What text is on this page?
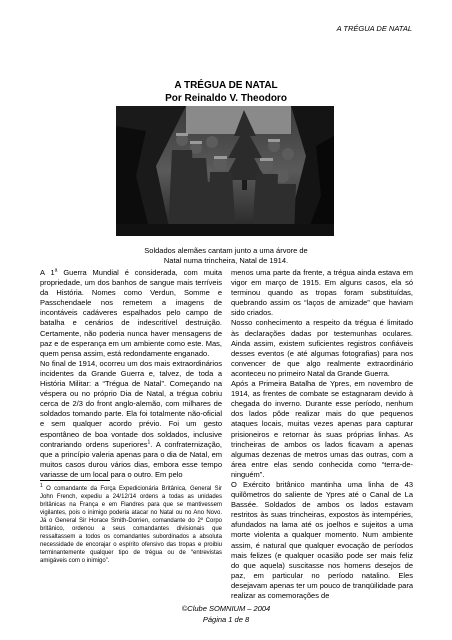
A TRÉGUA DE NATAL
A TRÉGUA DE NATAL
Por Reinaldo V. Theodoro
Soldados alemães cantam junto a uma árvore de
Natal numa trincheira, Natal de 1914.

A 1$^a$ Guerra Mundial é considerada, com muita propriedade, um dos banhos de sangue mais terríveis da História. Nomes como Verdun, Somme e Passchendaele nos remetem a imagens de incontáveis cadáveres espalhados pelo campo de batalha e cenários de indescritível destruição. Certamente, não poderia nunca haver mensagens de paz e de esperança em um ambiente como este. Mas, quem pensa assim, está redondamente enganado.

No final de 1914, ocorreu um dos mais extraordinários incidentes da Grande Guerra e, talvez, de toda a História Militar: a “Trégua de Natal”. Começando na véspera ou no próprio Dia de Natal, a trégua cobriu cerca de 2/3 do front anglo-alemão, com milhares de soldados tomando parte. Ela foi totalmente não-oficial e sem qualquer acordo prévio. Foi um gesto espontâneo de boa vontade dos soldados, inclusive contrariando ordens superiores$^1$. A confraternização, que a princípio valeria apenas para o dia de Natal, em muitos casos durou vários dias, embora esse tempo variasse de um local para o outro. Em pelo

menos uma parte da frente, a trégua ainda estava em vigor em março de 1915. Em alguns casos, ela só terminou quando as tropas foram substituídas, quebrando assim os “laços de amizade” que haviam sido criados.

Nosso conhecimento a respeito da trégua é limitado às declarações dadas por testemunhas oculares. Ainda assim, existem suficientes registros confiáveis desses eventos (e até algumas fotografias) para nos convencer de que algo realmente extraordinário aconteceu no primeiro Natal da Grande Guerra.

Após a Primeira Batalha de Ypres, em novembro de 1914, as frentes de combate se estagnaram devido à chegada do inverno. Durante esse período, nenhum dos lados pôde realizar mais do que pequenos ataques locais, muitas vezes apenas para capturar prisioneiros e retornar às suas próprias linhas. As trincheiras de ambos os lados ficavam a apenas algumas dezenas de metros umas das outras, com a área entre elas sendo conhecida como “terra-de-ninguém”.

O Exército britânico mantinha uma linha de 43 quilômetros do saliente de Ypres até o Canal de La Bassée. Soldados de ambos os lados estavam restritos às suas trincheiras, expostos às intempéries, afundados na lama até os joelhos e sujeitos a uma morte violenta a qualquer momento. Num ambiente assim, é natural que qualquer evocação de períodos mais felizes (e qualquer ocasião pode ser mais feliz do que aquela) suscitasse nos homens desejos de paz, em particular no período natalino. Eles desejavam apenas ter um pouco de tranqüilidade para realizar as comemorações de

$^1$ O comandante da Força Expedicionária Britânica, General Sir John French, expediu a 24/12/14 ordens a todas as unidades britânicas na França e em Flandres para que se mantivessem vigilantes, pois o inimigo poderia atacar no Natal ou no Ano Novo. Já o General Sir Horace Smith-Dorrien, comandante do 2º Corpo britânico, ordenou a seus comandantes divisionais que ressaltassem a todos os comandantes subordinados a absoluta necessidade de encorajar o espírito ofensivo das tropas e proibiu terminantemente qualquer tipo de trégua ou de “entrevistas amigáveis com o inimigo”.
©Clube SOMNIUM – 2004
Página 1 de 8
